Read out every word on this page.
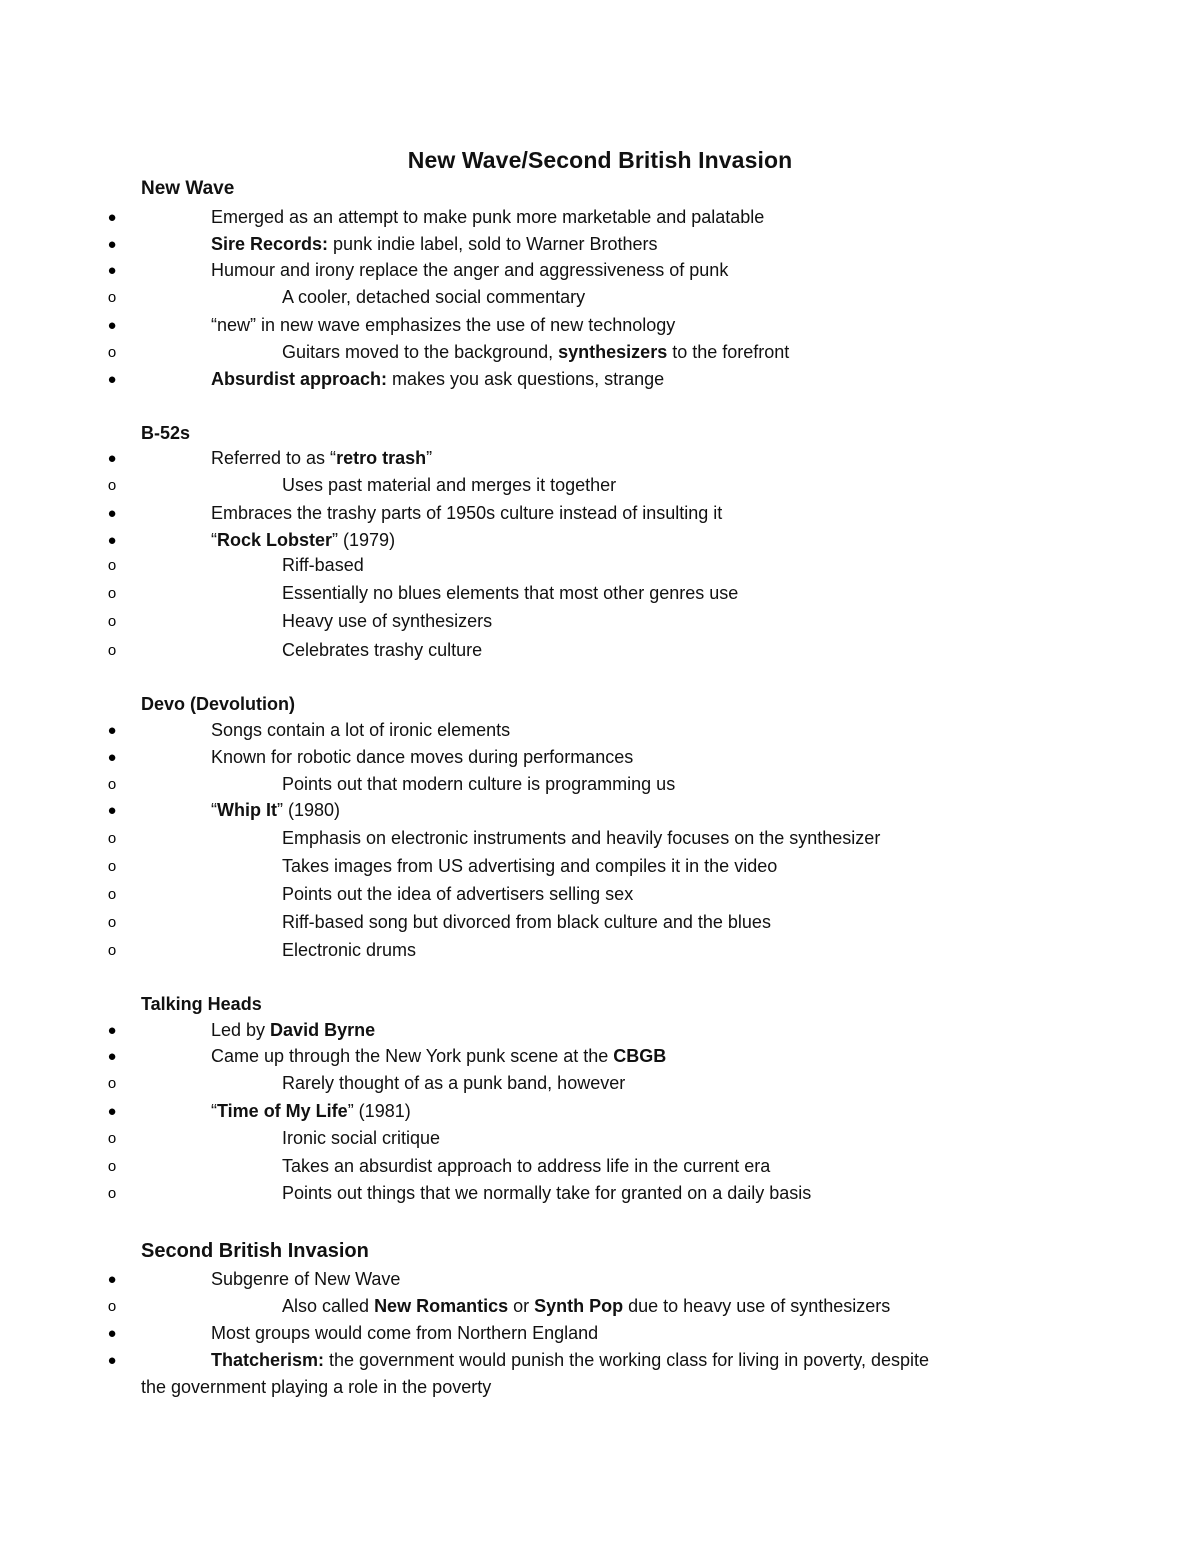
New Wave/Second British Invasion
New Wave
●	Emerged as an attempt to make punk more marketable and palatable
●	Sire Records: punk indie label, sold to Warner Brothers
●	Humour and irony replace the anger and aggressiveness of punk
o	A cooler, detached social commentary
●	“new” in new wave emphasizes the use of new technology
o	Guitars moved to the background, synthesizers to the forefront
●	Absurdist approach: makes you ask questions, strange
B-52s
●	Referred to as “retro trash”
o	Uses past material and merges it together
●	Embraces the trashy parts of 1950s culture instead of insulting it
●	“Rock Lobster” (1979)
o	Riff-based
o	Essentially no blues elements that most other genres use
o	Heavy use of synthesizers
o	Celebrates trashy culture
Devo (Devolution)
●	Songs contain a lot of ironic elements
●	Known for robotic dance moves during performances
o	Points out that modern culture is programming us
●	“Whip It” (1980)
o	Emphasis on electronic instruments and heavily focuses on the synthesizer
o	Takes images from US advertising and compiles it in the video
o	Points out the idea of advertisers selling sex
o	Riff-based song but divorced from black culture and the blues
o	Electronic drums
Talking Heads
●	Led by David Byrne
●	Came up through the New York punk scene at the CBGB
o	Rarely thought of as a punk band, however
●	“Time of My Life” (1981)
o	Ironic social critique
o	Takes an absurdist approach to address life in the current era
o	Points out things that we normally take for granted on a daily basis
Second British Invasion
●	Subgenre of New Wave
o	Also called New Romantics or Synth Pop due to heavy use of synthesizers
●	Most groups would come from Northern England
●	Thatcherism: the government would punish the working class for living in poverty, despite
the government playing a role in the poverty
